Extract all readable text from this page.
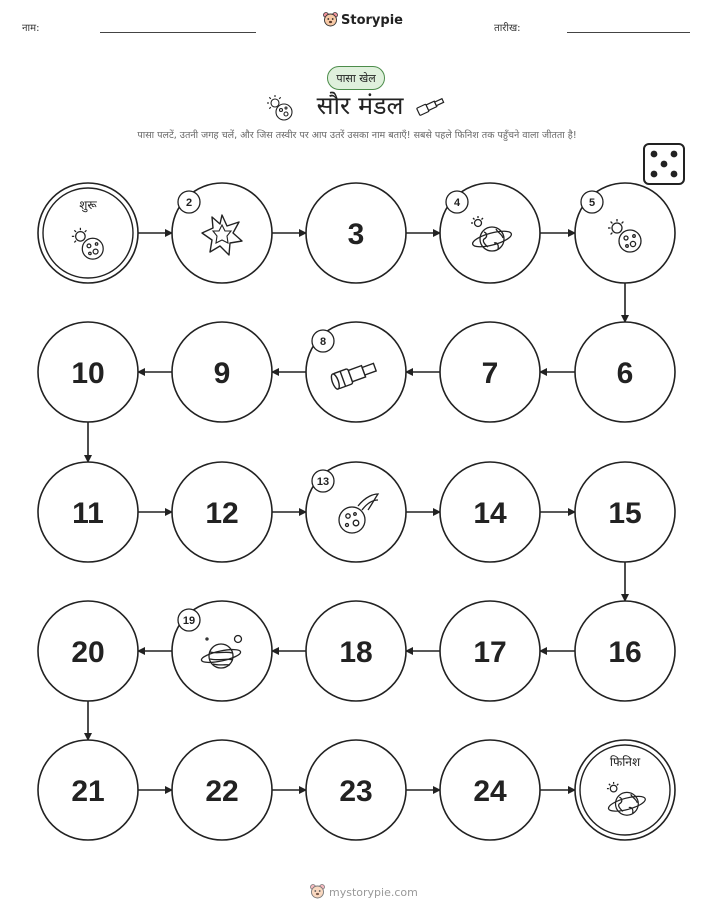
नाम:
Storypie
तारीख:
पासा खेल
सौर मंडल
पासा पलटें, उतनी जगह चलें, और जिस तस्वीर पर आप उतरें उसका नाम बताएँ! सबसे पहले फिनिश तक पहुँचने वाला जीतता है!
शुरू	2
3
4	5
6
7
8
9
10
11	12
13
14	15
16
17
18
19
20
21	22	23	24
फिनिश
mystorypie.com
